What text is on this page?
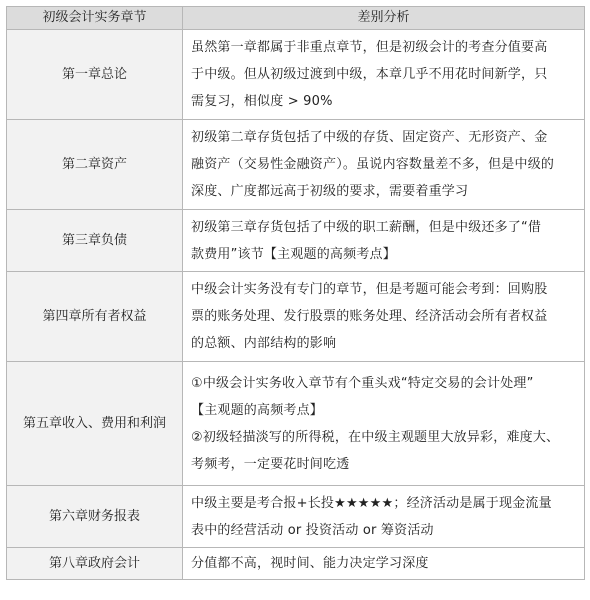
初级会计实务章节	差别分析
第一章总论	虽然第一章都属于非重点章节，但是初级会计的考查分值要高
于中级。但从初级过渡到中级，本章几乎不用花时间新学，只
需复习，相似度 > 90%

第二章资产	初级第二章存货包括了中级的存货、固定资产、无形资产、金
融资产（交易性金融资产）。虽说内容数量差不多，但是中级的
深度、广度都远高于初级的要求，需要着重学习

第三章负债	初级第三章存货包括了中级的职工薪酬，但是中级还多了“借
款费用”该节【主观题的高频考点】

第四章所有者权益	中级会计实务没有专门的章节，但是考题可能会考到：回购股
票的账务处理、发行股票的账务处理、经济活动会所有者权益
的总额、内部结构的影响

第五章收入、费用和利润	①中级会计实务收入章节有个重头戏“特定交易的会计处理”
【主观题的高频考点】
②初级轻描淡写的所得税，在中级主观题里大放异彩，难度大、
考频考，一定要花时间吃透

第六章财务报表	中级主要是考合报+长投★★★★★；经济活动是属于现金流量
表中的经营活动 or 投资活动 or 筹资活动

第八章政府会计	分值都不高，视时间、能力决定学习深度
